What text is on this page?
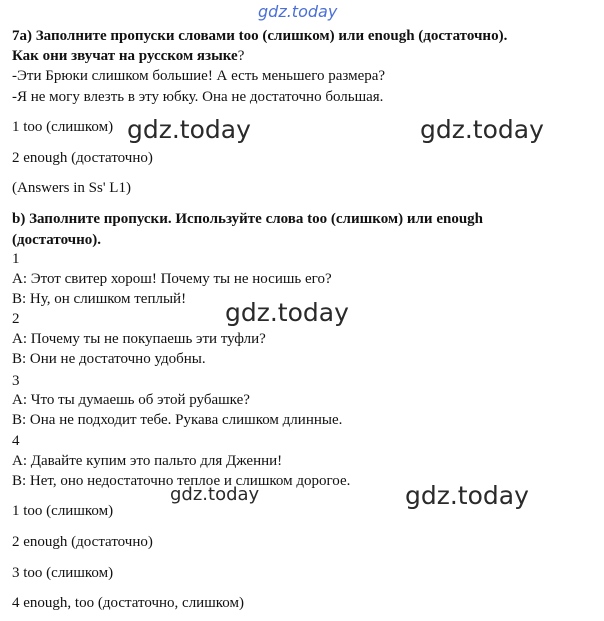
gdz.today
7a) Заполните пропуски словами too (слишком) или enough (достаточно).
Как они звучат на русском языке?
-Эти Брюки слишком большие! А есть меньшего размера?
-Я не могу влезть в эту юбку. Она не достаточно большая.
1 too (слишком)
2 enough (достаточно)
(Answers in Ss' L1)
b) Заполните пропуски. Используйте слова too (слишком) или enough
(достаточно).
1
A: Этот свитер хорош! Почему ты не носишь его?
B: Ну, он слишком теплый!
2
A: Почему ты не покупаешь эти туфли?
B: Они не достаточно удобны.
3
A: Что ты думаешь об этой рубашке?
B: Она не подходит тебе. Рукава слишком длинные.
4
A: Давайте купим это пальто для Дженни!
B: Нет, оно недостаточно теплое и слишком дорогое.
1 too (слишком)
2 enough (достаточно)
3 too (слишком)
4 enough, too (достаточно, слишком)
gdz.today	gdz.today
gdz.today
gdz.today
gdz.today
